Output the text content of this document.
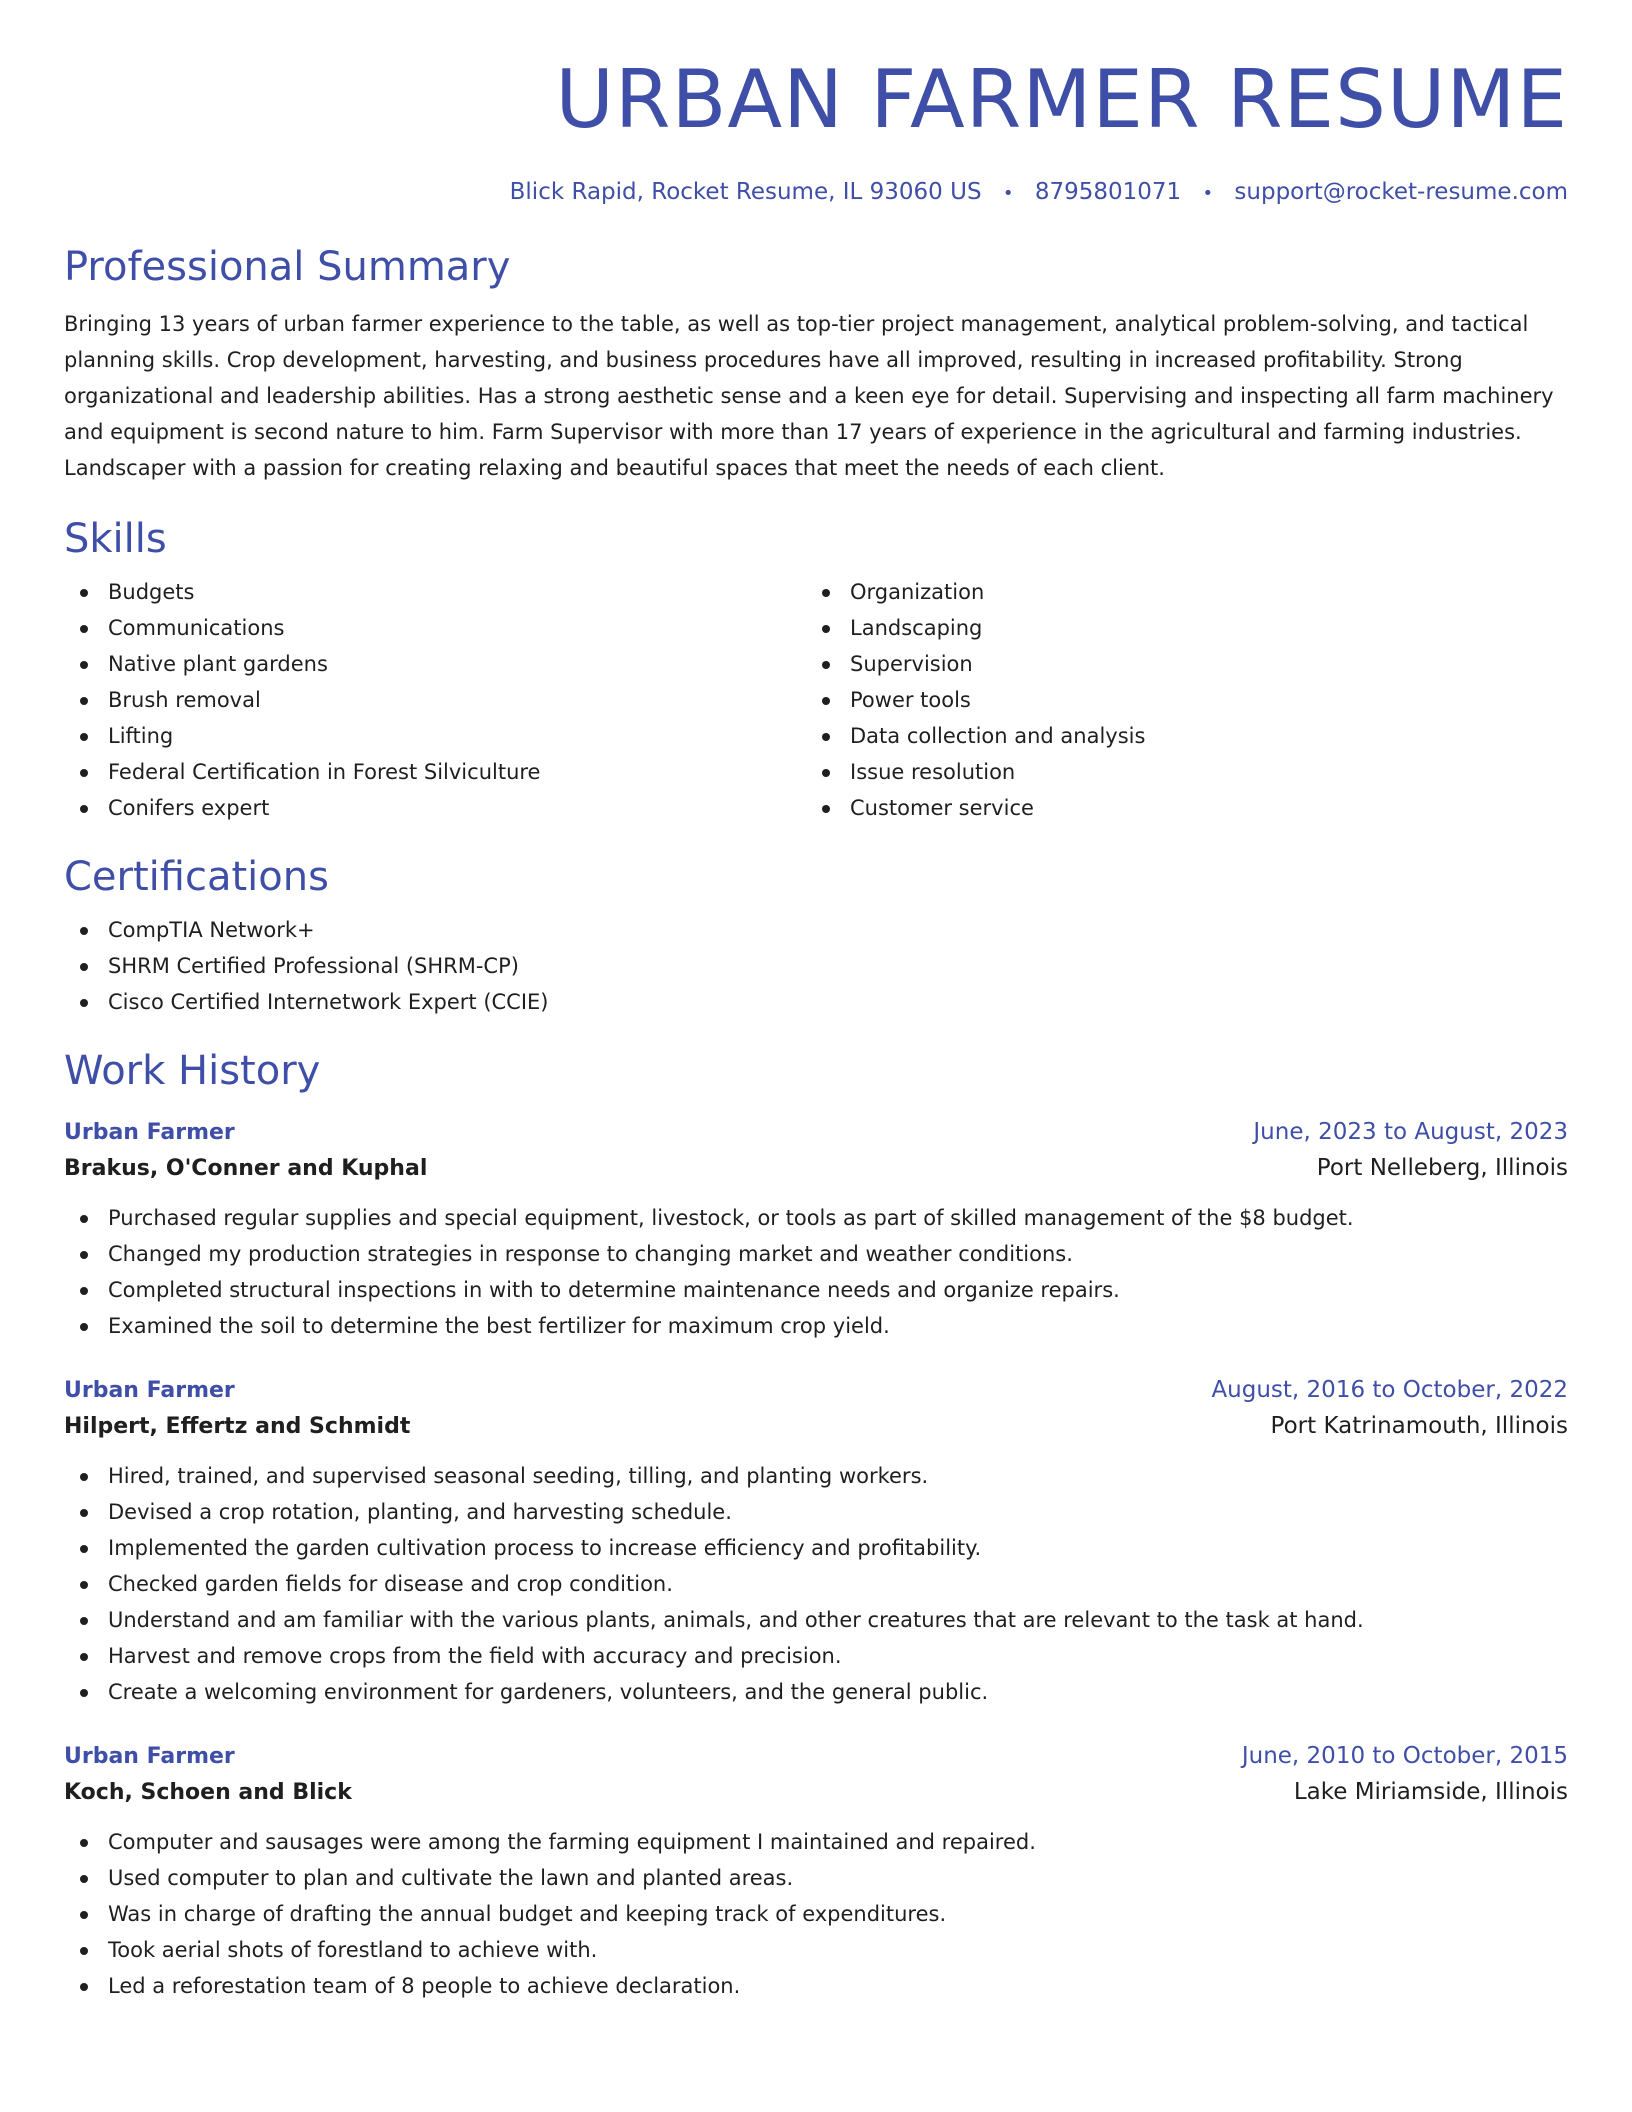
URBAN FARMER RESUME
Blick Rapid, Rocket Resume, IL 93060 US • 8795801071 • support@rocket-resume.com
Professional Summary

Bringing 13 years of urban farmer experience to the table, as well as top-tier project management, analytical problem-solving, and tactical planning skills. Crop development, harvesting, and business procedures have all improved, resulting in increased profitability. Strong organizational and leadership abilities. Has a strong aesthetic sense and a keen eye for detail. Supervising and inspecting all farm machinery and equipment is second nature to him. Farm Supervisor with more than 17 years of experience in the agricultural and farming industries. Landscaper with a passion for creating relaxing and beautiful spaces that meet the needs of each client.

Skills
Budgets
Communications
Native plant gardens
Brush removal
Lifting
Federal Certification in Forest Silviculture
Conifers expert
Organization
Landscaping
Supervision
Power tools
Data collection and analysis
Issue resolution
Customer service
Certifications
CompTIA Network+
SHRM Certified Professional (SHRM-CP)
Cisco Certified Internetwork Expert (CCIE)
Work History
Urban Farmer	June, 2023 to August, 2023
Brakus, O'Conner and Kuphal	Port Nelleberg, Illinois
Purchased regular supplies and special equipment, livestock, or tools as part of skilled management of the $8 budget.
Changed my production strategies in response to changing market and weather conditions.
Completed structural inspections in with to determine maintenance needs and organize repairs.
Examined the soil to determine the best fertilizer for maximum crop yield.
Urban Farmer	August, 2016 to October, 2022
Hilpert, Effertz and Schmidt	Port Katrinamouth, Illinois
Hired, trained, and supervised seasonal seeding, tilling, and planting workers.
Devised a crop rotation, planting, and harvesting schedule.
Implemented the garden cultivation process to increase efficiency and profitability.
Checked garden fields for disease and crop condition.
Understand and am familiar with the various plants, animals, and other creatures that are relevant to the task at hand.
Harvest and remove crops from the field with accuracy and precision.
Create a welcoming environment for gardeners, volunteers, and the general public.
Urban Farmer	June, 2010 to October, 2015
Koch, Schoen and Blick	Lake Miriamside, Illinois
Computer and sausages were among the farming equipment I maintained and repaired.
Used computer to plan and cultivate the lawn and planted areas.
Was in charge of drafting the annual budget and keeping track of expenditures.
Took aerial shots of forestland to achieve with.
Led a reforestation team of 8 people to achieve declaration.
